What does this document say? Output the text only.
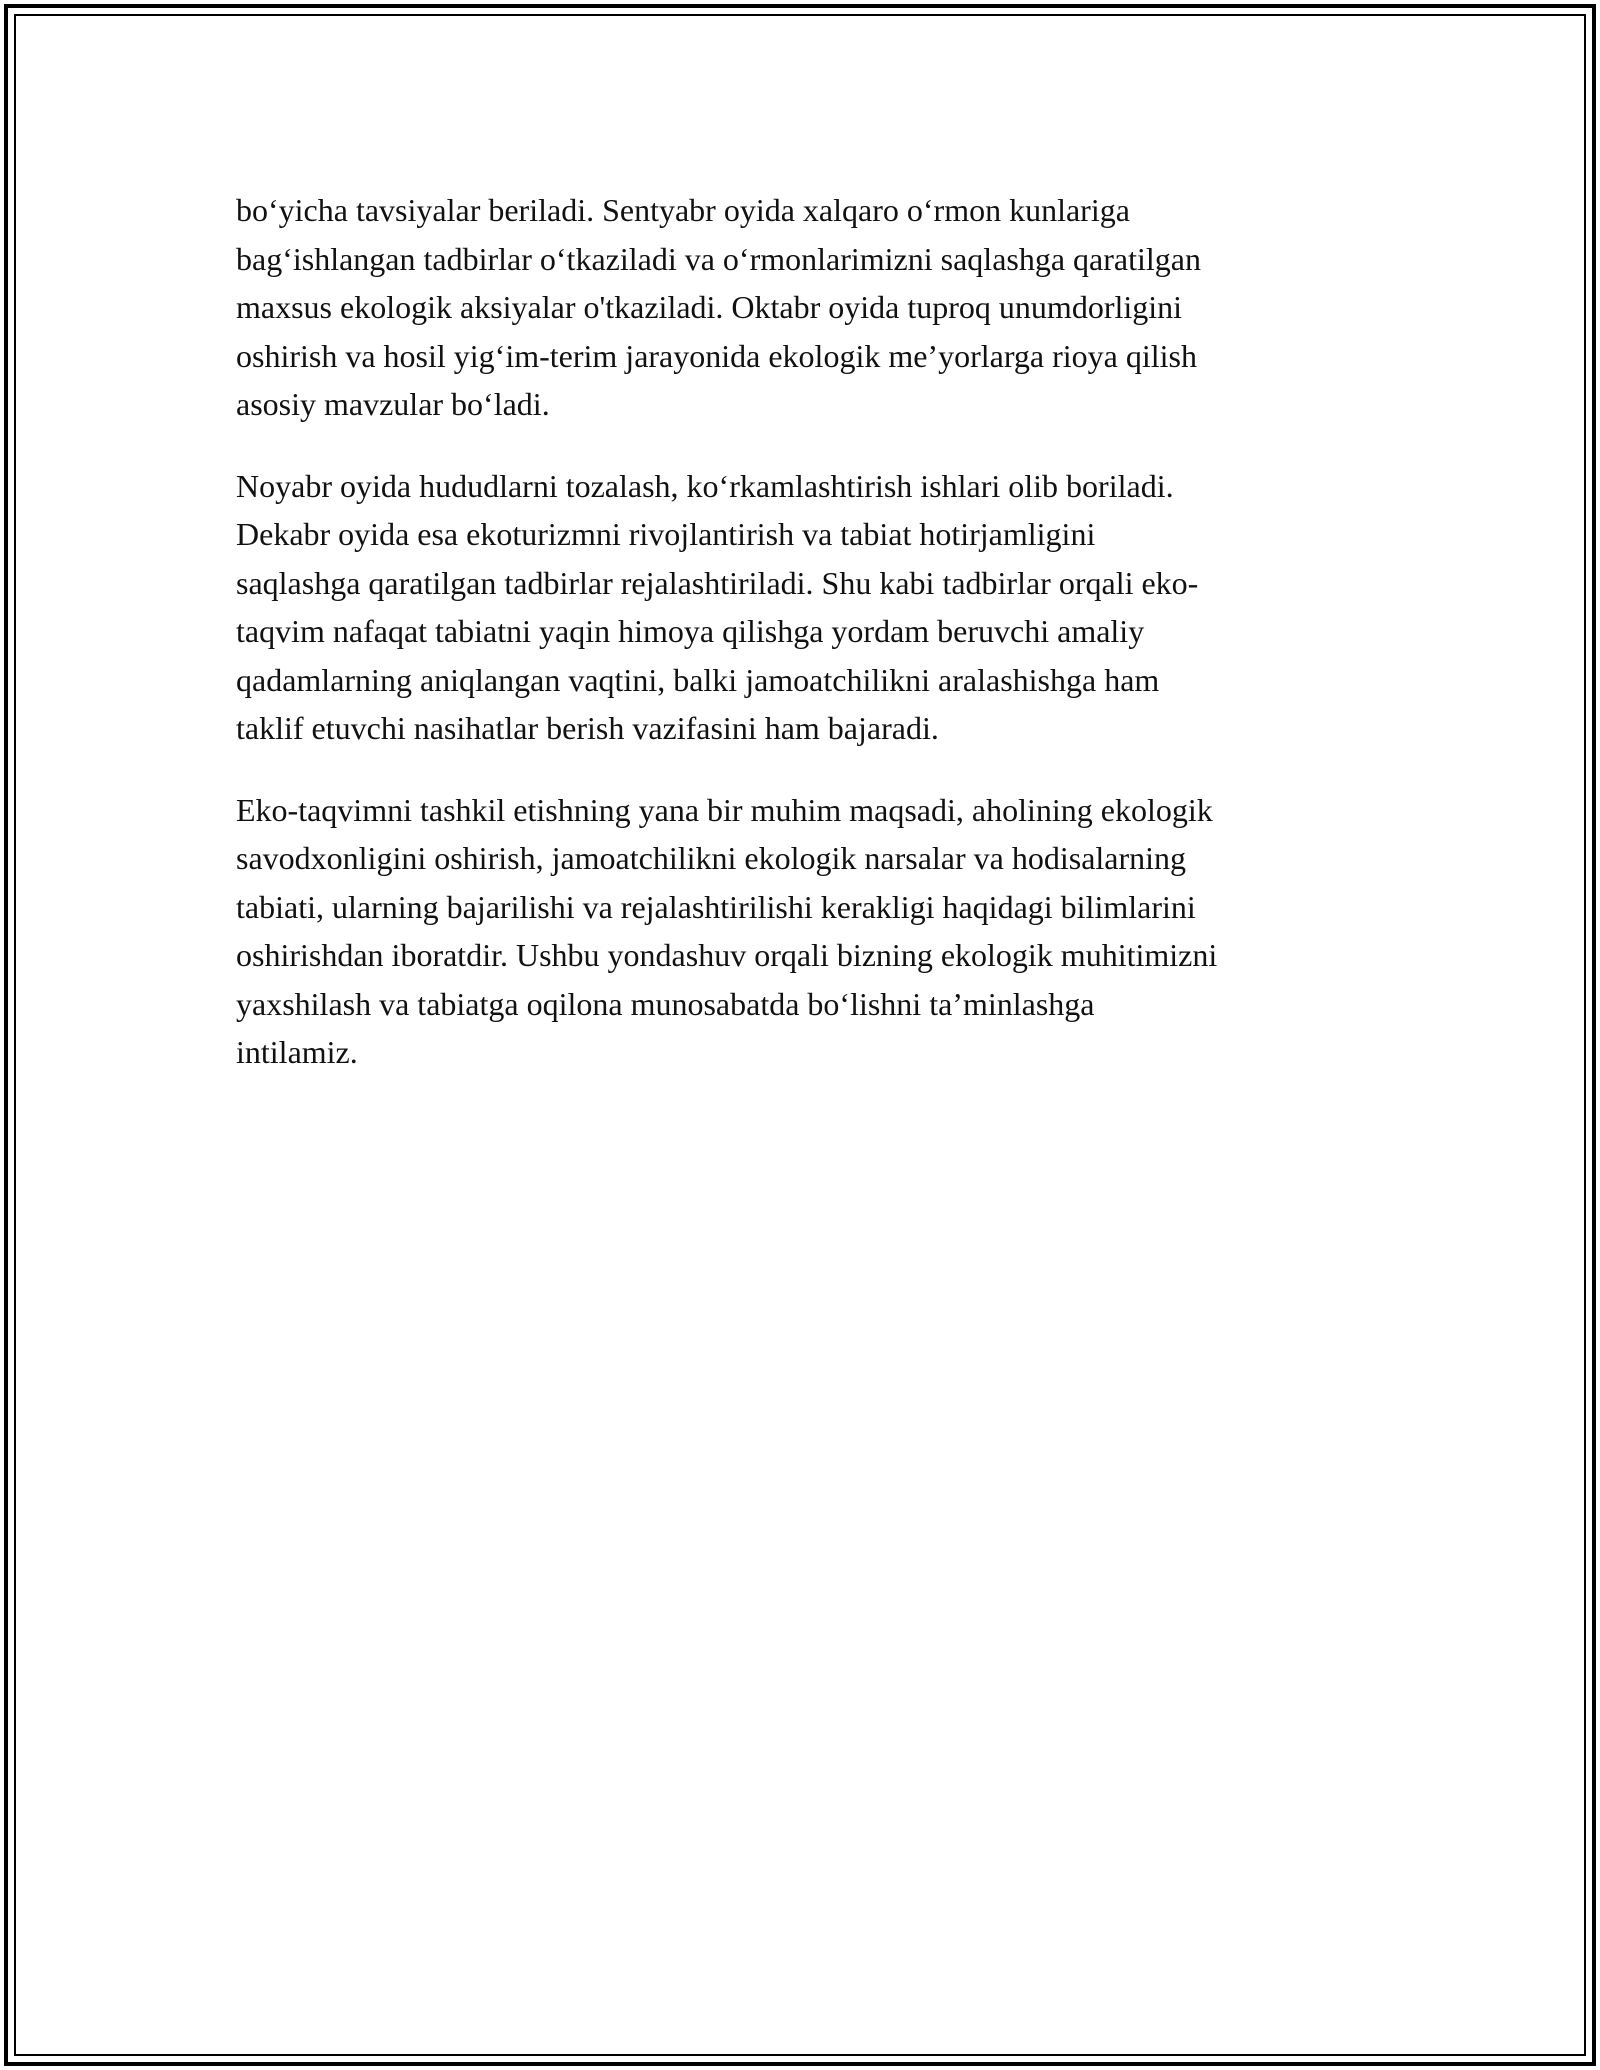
bo‘yicha tavsiyalar beriladi. Sentyabr oyida xalqaro o‘rmon kunlariga
bag‘ishlangan tadbirlar o‘tkaziladi va o‘rmonlarimizni saqlashga qaratilgan
maxsus ekologik aksiyalar o'tkaziladi. Oktabr oyida tuproq unumdorligini
oshirish va hosil yig‘im-terim jarayonida ekologik me’yorlarga rioya qilish
asosiy mavzular bo‘ladi.

Noyabr oyida hududlarni tozalash, ko‘rkamlashtirish ishlari olib boriladi.
Dekabr oyida esa ekoturizmni rivojlantirish va tabiat hotirjamligini
saqlashga qaratilgan tadbirlar rejalashtiriladi. Shu kabi tadbirlar orqali eko-
taqvim nafaqat tabiatni yaqin himoya qilishga yordam beruvchi amaliy
qadamlarning aniqlangan vaqtini, balki jamoatchilikni aralashishga ham
taklif etuvchi nasihatlar berish vazifasini ham bajaradi.

Eko-taqvimni tashkil etishning yana bir muhim maqsadi, aholining ekologik
savodxonligini oshirish, jamoatchilikni ekologik narsalar va hodisalarning
tabiati, ularning bajarilishi va rejalashtirilishi kerakligi haqidagi bilimlarini
oshirishdan iboratdir. Ushbu yondashuv orqali bizning ekologik muhitimizni
yaxshilash va tabiatga oqilona munosabatda bo‘lishni ta’minlashga
intilamiz.
